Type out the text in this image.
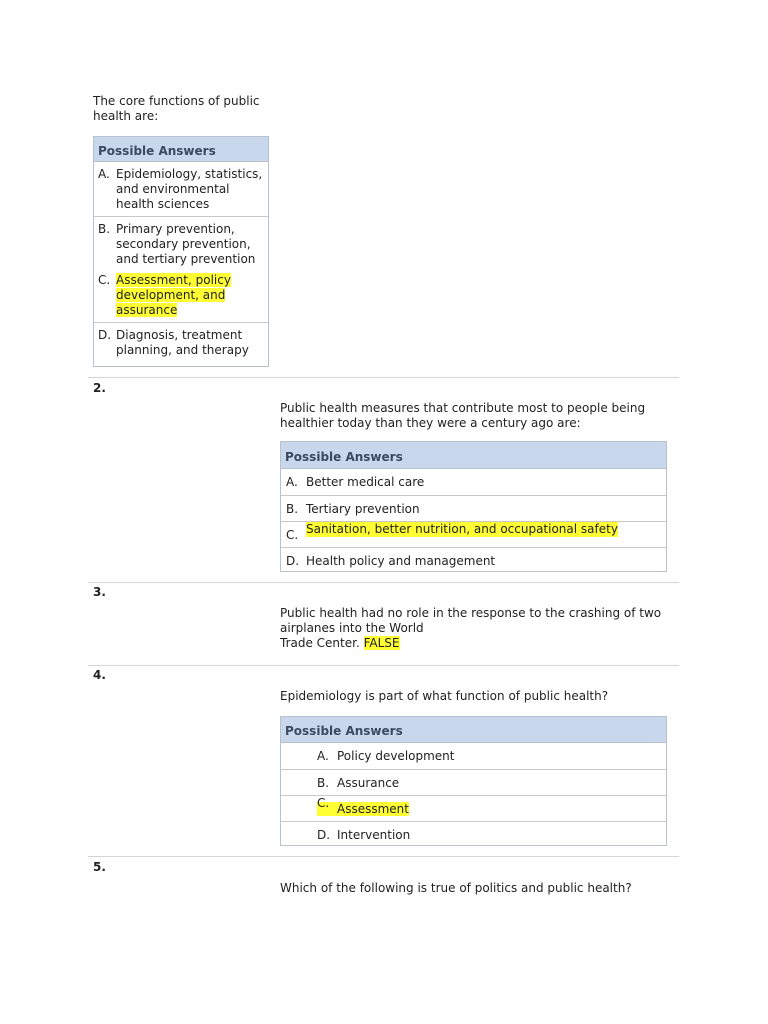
The core functions of public
health are:
Possible Answers
A. Epidemiology, statistics,
and environmental
health sciences
B. Primary prevention,
secondary prevention,
and tertiary prevention
C. Assessment, policy
development, and
assurance
D. Diagnosis, treatment
planning, and therapy
2.
Public health measures that contribute most to people being
healthier today than they were a century ago are:
Possible Answers
A. Better medical care
B. Tertiary prevention
C. Sanitation, better nutrition, and occupational safety
D. Health policy and management
3.
Public health had no role in the response to the crashing of two
airplanes into the World
Trade Center. FALSE
4.
Epidemiology is part of what function of public health?
Possible Answers
A. Policy development
B. Assurance
C. Assessment
D. Intervention
5.
Which of the following is true of politics and public health?
